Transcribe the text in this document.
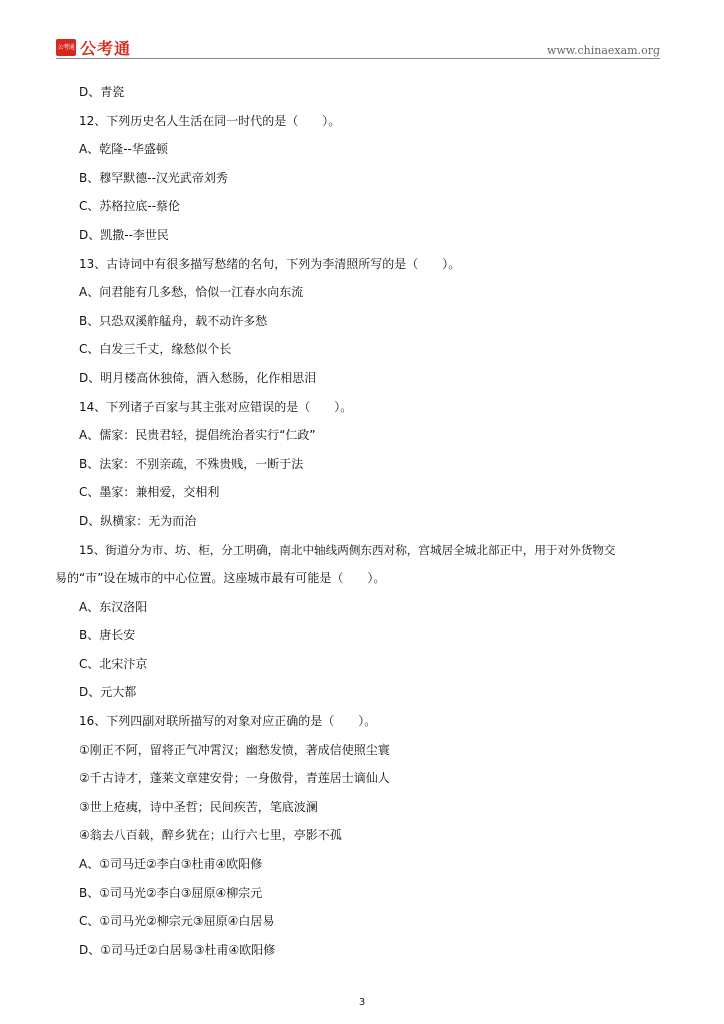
公考通 公考通	www.chinaexam.org
D、青瓷
12、下列历史名人生活在同一时代的是（　　）。
A、乾隆--华盛顿
B、穆罕默德--汉光武帝刘秀
C、苏格拉底--蔡伦
D、凯撒--李世民
13、古诗词中有很多描写愁绪的名句，下列为李清照所写的是（　　）。
A、问君能有几多愁，恰似一江春水向东流
B、只恐双溪舴艋舟，载不动许多愁
C、白发三千丈，缘愁似个长
D、明月楼高休独倚，酒入愁肠，化作相思泪
14、下列诸子百家与其主张对应错误的是（　　）。
A、儒家：民贵君轻，提倡统治者实行“仁政”
B、法家：不别亲疏，不殊贵贱，一断于法
C、墨家：兼相爱，交相利
D、纵横家：无为而治
15、街道分为市、坊、柜，分工明确，南北中轴线两侧东西对称，宫城居全城北部正中，用于对外货物交
易的“市”设在城市的中心位置。这座城市最有可能是（　　）。
A、东汉洛阳
B、唐长安
C、北宋汴京
D、元大都
16、下列四副对联所描写的对象对应正确的是（　　）。
①刚正不阿，留将正气冲霄汉；幽愁发愤，著成信使照尘寰
②千古诗才，蓬莱文章建安骨；一身傲骨，青莲居士谪仙人
③世上疮痍，诗中圣哲；民间疾苦，笔底波澜
④翁去八百载，醉乡犹在；山行六七里，亭影不孤
A、①司马迁②李白③杜甫④欧阳修
B、①司马光②李白③屈原④柳宗元
C、①司马光②柳宗元③屈原④白居易
D、①司马迁②白居易③杜甫④欧阳修
3
